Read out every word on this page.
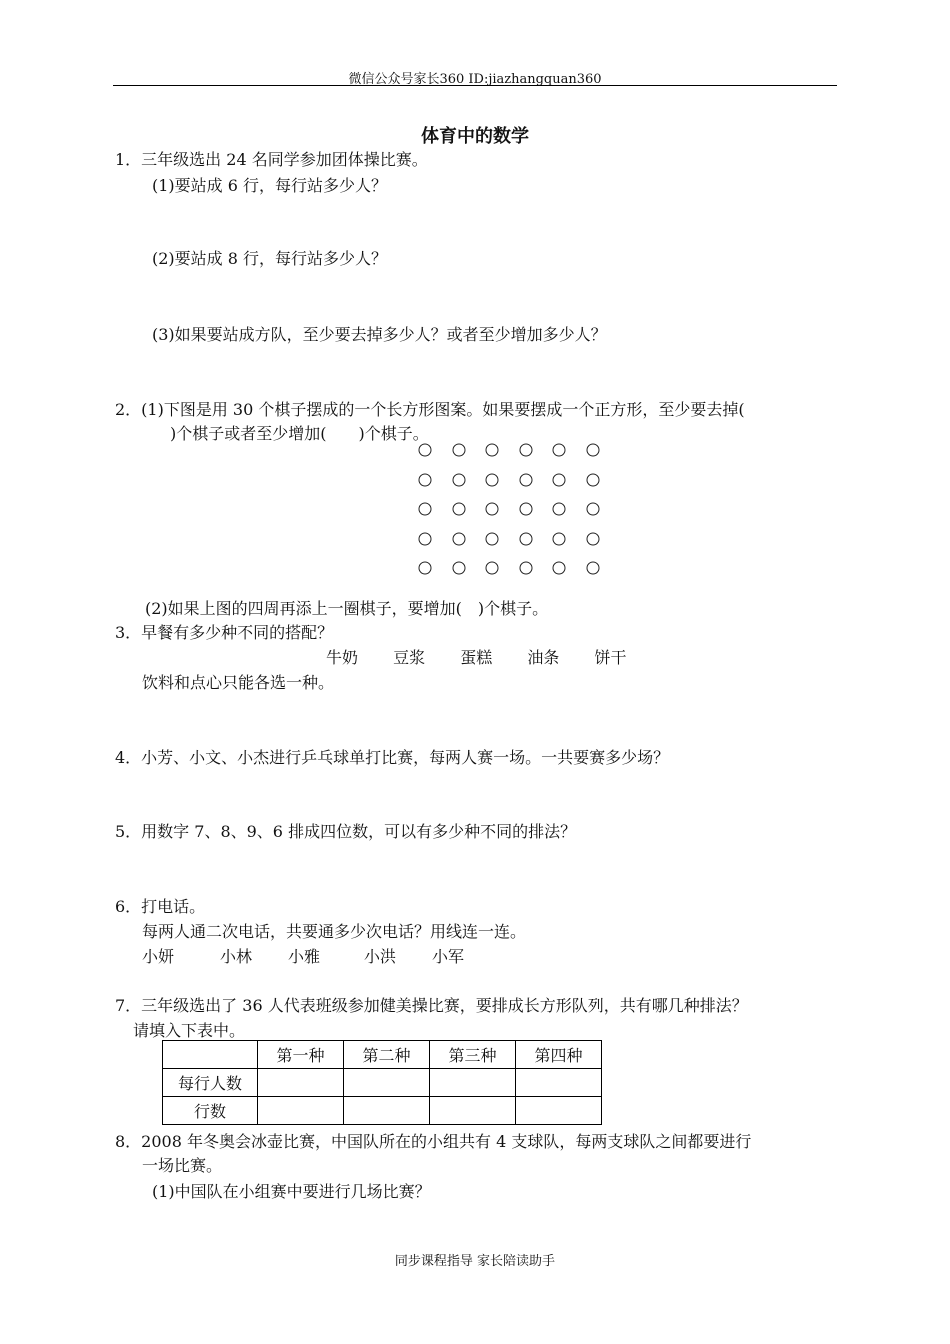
微信公众号家长360 ID:jiazhangquan360
体育中的数学
1．三年级选出 24 名同学参加团体操比赛。
(1)要站成 6 行，每行站多少人？
(2)要站成 8 行，每行站多少人？
(3)如果要站成方队，至少要去掉多少人？或者至少增加多少人？
2．(1)下图是用 30 个棋子摆成的一个长方形图案。如果要摆成一个正方形，至少要去掉(
)个棋子或者至少增加(　　)个棋子。
(2)如果上图的四周再添上一圈棋子，要增加(　)个棋子。
3．早餐有多少种不同的搭配？
牛奶 豆浆 蛋糕 油条 饼干
饮料和点心只能各选一种。
4．小芳、小文、小杰进行乒乓球单打比赛，每两人赛一场。一共要赛多少场？
5．用数字 7、8、9、6 排成四位数，可以有多少种不同的排法？
6．打电话。
每两人通二次电话，共要通多少次电话？用线连一连。
小妍	小林 小雅	小洪 小军
7．三年级选出了 36 人代表班级参加健美操比赛，要排成长方形队列，共有哪几种排法？
请填入下表中。
	第一种	第二种	第三种	第四种
每行人数				
行数				
8．2008 年冬奥会冰壶比赛，中国队所在的小组共有 4 支球队，每两支球队之间都要进行
一场比赛。
(1)中国队在小组赛中要进行几场比赛？
同步课程指导 家长陪读助手
